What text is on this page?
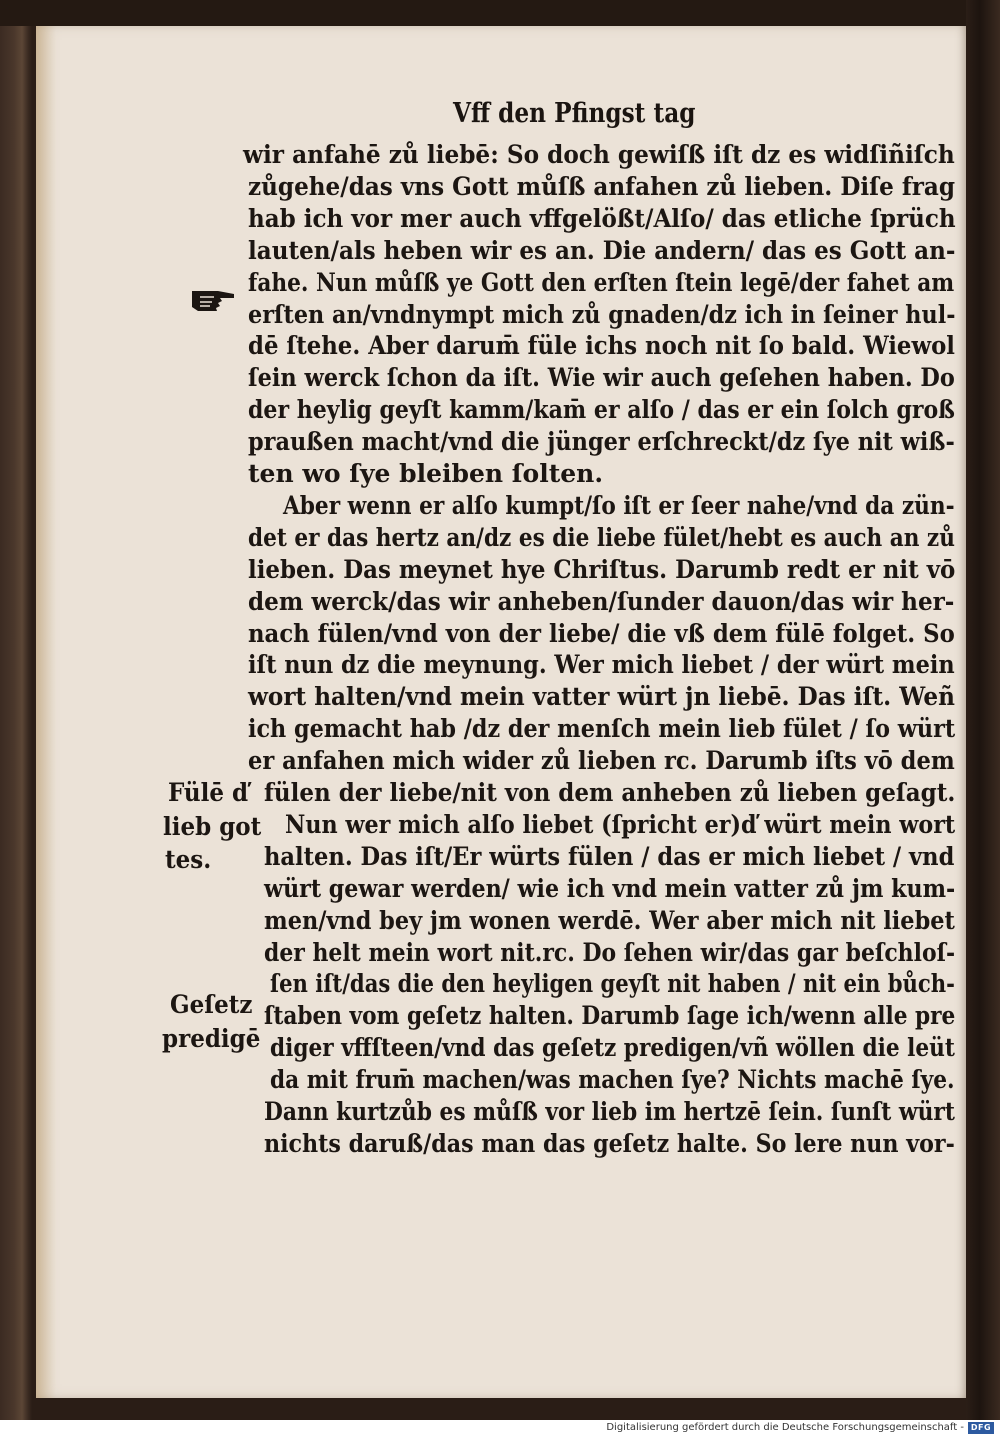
Vff den Pfingst tag
wir anfahē zů liebē: So doch gewiſß iſt dz es widſiñiſch
zůgehe/das vns Gott můſß anfahen zů lieben. Diſe frag
hab ich vor mer auch vffgelößt/Alſo/ das etliche ſprüch
lauten/als heben wir es an. Die andern/ das es Gott an-
fahe. Nun můſß ye Gott den erſten ſtein legē/der fahet am
erſten an/vndnympt mich zů gnaden/dz ich in ſeiner hul-
dē ſtehe. Aber darum̄ füle ichs noch nit ſo bald. Wiewol
ſein werck ſchon da iſt. Wie wir auch geſehen haben. Do
der heylig geyſt kamm/kam̄ er alſo / das er ein ſolch groß
praußen macht/vnd die jünger erſchreckt/dz ſye nit wiß-
ten wo ſye bleiben ſolten.
Aber wenn er alſo kumpt/ſo iſt er ſeer nahe/vnd da zün-
det er das hertz an/dz es die liebe fület/hebt es auch an zů
lieben. Das meynet hye Chriſtus. Darumb redt er nit vō
dem werck/das wir anheben/ſunder dauon/das wir her-
nach fülen/vnd von der liebe/ die vß dem fülē folget. So
iſt nun dz die meynung. Wer mich liebet / der würt mein
wort halten/vnd mein vatter würt jn liebē. Das iſt. Weñ
ich gemacht hab /dz der menſch mein lieb fület / ſo würt
er anfahen mich wider zů lieben rc. Darumb iſts vō dem
fülen der liebe/nit von dem anheben zů lieben geſagt.
Nun wer mich alſo liebet (ſpricht er)ď würt mein wort
halten. Das iſt/Er würts fülen / das er mich liebet / vnd
würt gewar werden/ wie ich vnd mein vatter zů jm kum-
men/vnd bey jm wonen werdē. Wer aber mich nit liebet
der helt mein wort nit.rc. Do ſehen wir/das gar beſchloſ-
ſen iſt/das die den heyligen geyſt nit haben / nit ein bůch-
ſtaben vom geſetz halten. Darumb ſage ich/wenn alle pre
diger vffſteen/vnd das geſetz predigen/vñ wöllen die leüt
da mit frum̄ machen/was machen ſye? Nichts machē ſye.
Dann kurtzůb es můſß vor lieb im hertzē ſein. ſunſt würt
nichts daruß/das man das geſetz halte. So lere nun vor-
Fülē ď
lieb got
tes.
Geſetz
predigē
Digitalisierung gefördert durch die Deutsche Forschungsgemeinschaft - DFG
